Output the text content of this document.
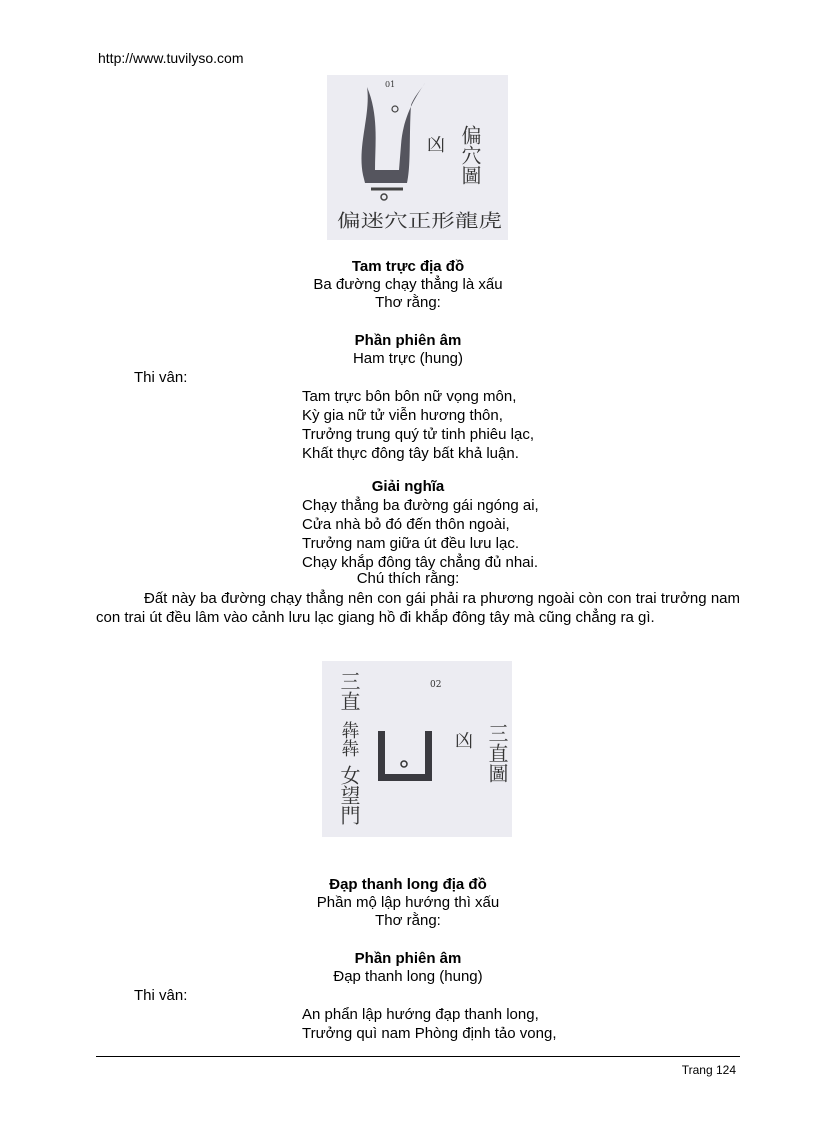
http://www.tuvilyso.com
01
凶 偏穴圖
偏迷穴正形龍虎
Tam trực địa đồ
Ba đường chạy thẳng là xấu
Thơ rằng:
Phần phiên âm
Ham trực (hung)
Thi vân:
Tam trực bôn bôn nữ vọng môn,
Kỳ gia nữ tử viễn hương thôn,
Trưởng trung quý tử tinh phiêu lạc,
Khất thực đông tây bất khả luận.
Giải nghĩa
Chạy thẳng ba đường gái ngóng ai,
Cửa nhà bỏ đó đến thôn ngoài,
Trưởng nam giữa út đều lưu lạc.
Chạy khắp đông tây chẳng đủ nhai.
Chú thích rằng:
Đất này ba đường chạy thẳng nên con gái phải ra phương ngoài còn con trai trưởng nam con trai út đều lâm vào cảnh lưu lạc giang hồ đi khắp đông tây mà cũng chẳng ra gì.
02
凶
三直
犇犇
女望門
三直圖
Đạp thanh long địa đồ
Phần mộ lập hướng thì xấu
Thơ rằng:
Phần phiên âm
Đạp thanh long (hung)
Thi vân:
An phẩn lập hướng đạp thanh long,
Trưởng quì nam Phòng định tảo vong,
Trang 124
